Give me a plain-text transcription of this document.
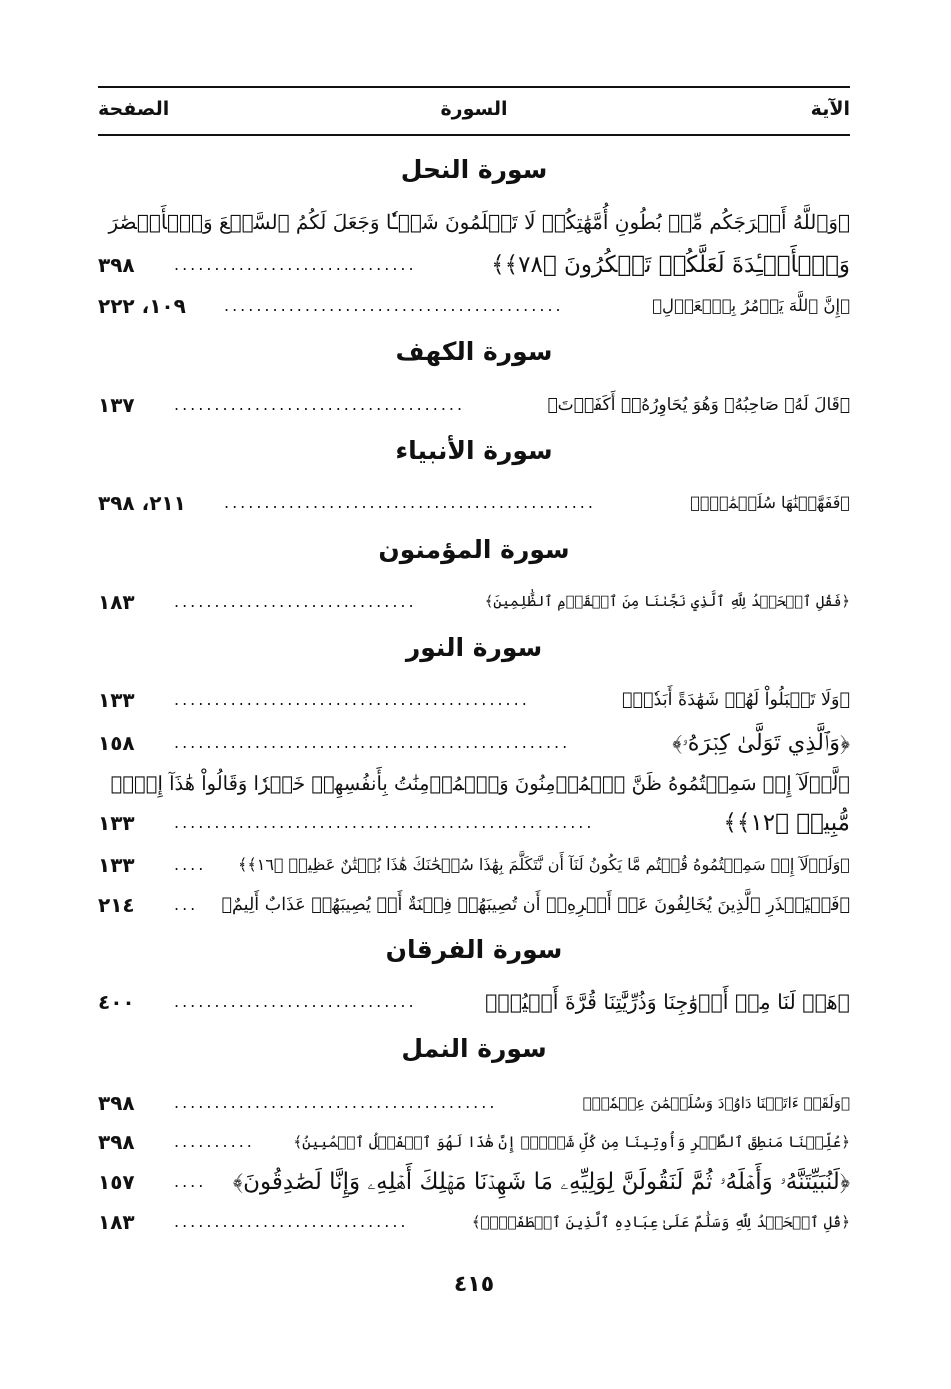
الآية
السورة
الصفحة
سورة النحل
﴿وَٱللَّهُ أَخۡرَجَكُم مِّنۢ بُطُونِ أُمَّهَٰتِكُمۡ لَا تَعۡلَمُونَ شَيۡـٔٗا وَجَعَلَ لَكُمُ ٱلسَّمۡعَ وَٱلۡأَبۡصَٰرَ
وَٱلۡأَفۡـِٔدَةَ لَعَلَّكُمۡ تَشۡكُرُونَ ﴿٧٨﴾﴾
..............................
٣٩٨
﴿إِنَّ ٱللَّهَ يَأۡمُرُ بِٱلۡعَدۡلِ﴾
..........................................
١٠٩، ٢٢٢
سورة الكهف
﴿قَالَ لَهُۥ صَاحِبُهُۥ وَهُوَ يُحَاوِرُهُۥٓ أَكَفَرۡتَ﴾
....................................
١٣٧
سورة الأنبياء
﴿فَفَهَّمۡنَٰهَا سُلَيۡمَٰنَۚ﴾
..............................................
٢١١، ٣٩٨
سورة المؤمنون
﴿فَقُلِ ٱلۡحَمۡدُ لِلَّهِ ٱلَّذِي نَجَّىٰنَا مِنَ ٱلۡقَوۡمِ ٱلظَّٰلِمِينَ﴾
..............................
١٨٣
سورة النور
﴿وَلَا تَقۡبَلُواْ لَهُمۡ شَهَٰدَةً أَبَدٗاۚ﴾
............................................
١٣٣
﴿وَٱلَّذِي تَوَلَّىٰ كِبۡرَهُۥ﴾
.................................................
١٥٨
﴿لَّوۡلَآ إِذۡ سَمِعۡتُمُوهُ ظَنَّ ٱلۡمُؤۡمِنُونَ وَٱلۡمُؤۡمِنَٰتُ بِأَنفُسِهِمۡ خَيۡرٗا وَقَالُواْ هَٰذَآ إِفۡكٞ
مُّبِينٞ ﴿١٢﴾﴾
....................................................
١٣٣
﴿وَلَوۡلَآ إِذۡ سَمِعۡتُمُوهُ قُلۡتُم مَّا يَكُونُ لَنَآ أَن نَّتَكَلَّمَ بِهَٰذَا سُبۡحَٰنَكَ هَٰذَا بُهۡتَٰنٌ عَظِيمٞ ﴿١٦﴾﴾
....
١٣٣
﴿فَلۡيَحۡذَرِ ٱلَّذِينَ يُخَالِفُونَ عَنۡ أَمۡرِهِۦٓ أَن تُصِيبَهُمۡ فِتۡنَةٌ أَوۡ يُصِيبَهُمۡ عَذَابٌ أَلِيمٌ﴾
...
٢١٤
سورة الفرقان
﴿هَبۡ لَنَا مِنۡ أَزۡوَٰجِنَا وَذُرِّيَّٰتِنَا قُرَّةَ أَعۡيُنٖ﴾
..............................
٤٠٠
سورة النمل
﴿وَلَقَدۡ ءَاتَيۡنَا دَاوُۥدَ وَسُلَيۡمَٰنَ عِلۡمٗاۖ﴾
........................................
٣٩٨
﴿عُلِّمۡنَا مَنطِقَ ٱلطَّيۡرِ وَأُوتِينَا مِن كُلِّ شَيۡءٍۖ إِنَّ هَٰذَا لَهُوَ ٱلۡفَضۡلُ ٱلۡمُبِينُ﴾
..........
٣٩٨
﴿لَنُبَيِّتَنَّهُۥ وَأَهۡلَهُۥ ثُمَّ لَنَقُولَنَّ لِوَلِيِّهِۦ مَا شَهِدۡنَا مَهۡلِكَ أَهۡلِهِۦ وَإِنَّا لَصَٰدِقُونَ﴾
....
١٥٧
﴿قُلِ ٱلۡحَمۡدُ لِلَّهِ وَسَلَٰمٌ عَلَىٰ عِبَادِهِ ٱلَّذِينَ ٱصۡطَفَىٰٓۗ﴾
.............................
١٨٣
٤١٥
